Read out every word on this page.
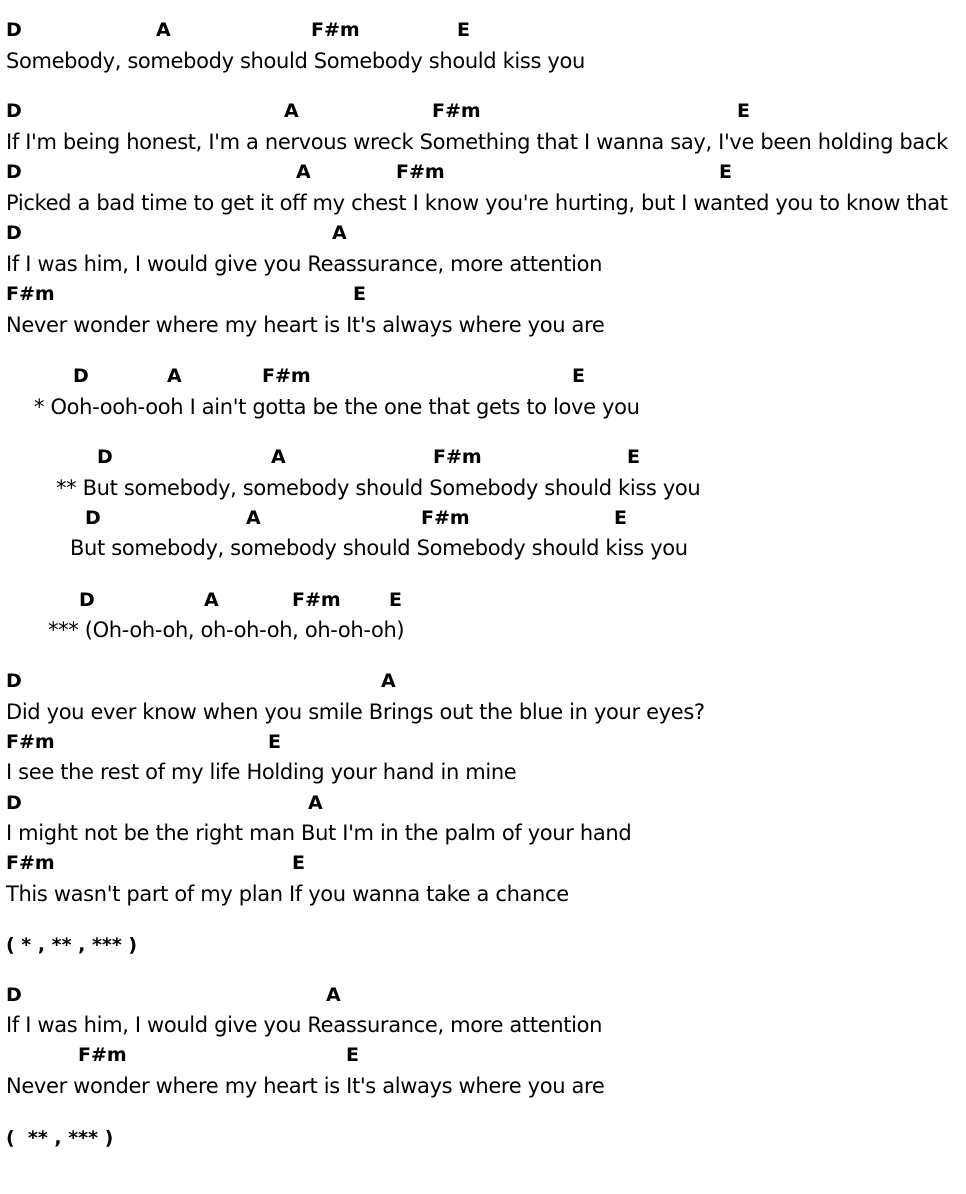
D	A	F#m	E
Somebody, somebody should Somebody should kiss you
D	A	F#m	E
If I'm being honest, I'm a nervous wreck Something that I wanna say, I've been holding back
D	A	F#m	E
Picked a bad time to get it off my chest I know you're hurting, but I wanted you to know that
D	A
If I was him, I would give you Reassurance, more attention
F#m	E
Never wonder where my heart is It's always where you are
D	A	F#m	E
* Ooh-ooh-ooh I ain't gotta be the one that gets to love you
D	A	F#m	E
** But somebody, somebody should Somebody should kiss you
D	A	F#m	E
But somebody, somebody should Somebody should kiss you
D	A	F#m	E
*** (Oh-oh-oh, oh-oh-oh, oh-oh-oh)
D	A
Did you ever know when you smile Brings out the blue in your eyes?
F#m	E
I see the rest of my life Holding your hand in mine
D	A
I might not be the right man But I'm in the palm of your hand
F#m	E
This wasn't part of my plan If you wanna take a chance
( * , ** , *** )
D	A
If I was him, I would give you Reassurance, more attention
F#m	E
Never wonder where my heart is It's always where you are
(  ** , *** )
